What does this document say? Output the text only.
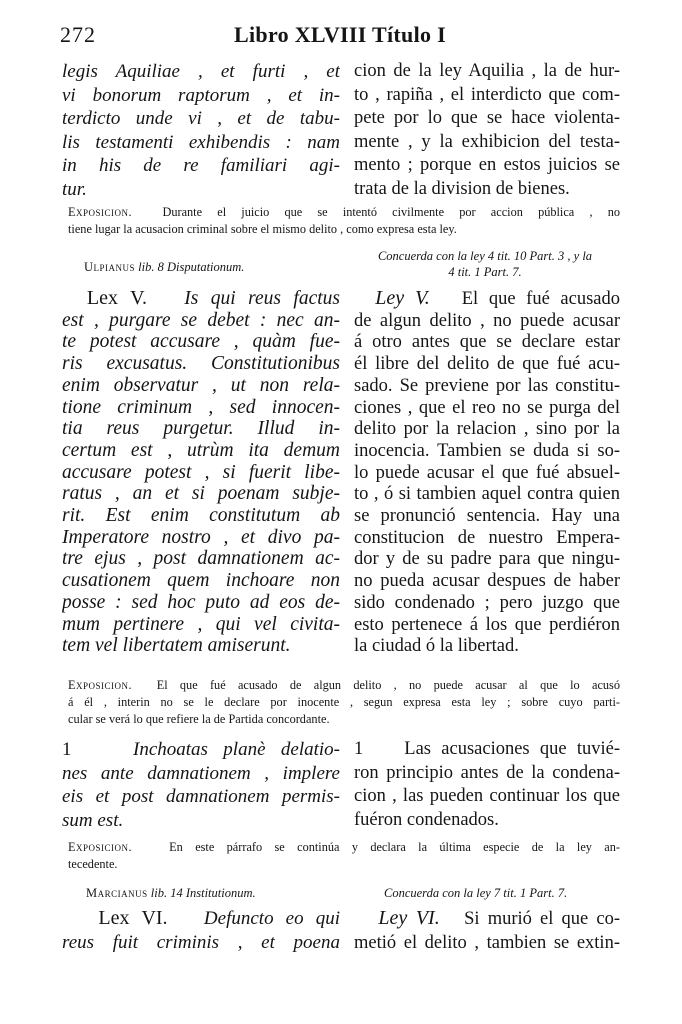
272	Libro XLVIII Título I
legis Aquiliae , et furti , et
vi bonorum raptorum , et in-
terdicto unde vi , et de tabu-
lis testamenti exhibendis : nam
in his de re familiari agi-
tur.
cion de la ley Aquilia , la de hur-
to , rapiña , el interdicto que com-
pete por lo que se hace violenta-
mente , y la exhibicion del testa-
mento ; porque en estos juicios se
trata de la division de bienes.
Exposicion. Durante el juicio que se intentó civilmente por accion pública , no
tiene lugar la acusacion criminal sobre el mismo delito , como expresa esta ley.
Ulpianus lib. 8 Disputationum.
Concuerda con la ley 4 tit. 10 Part. 3 , y la
4 tit. 1 Part. 7.
Lex V. Is qui reus factus
est , purgare se debet : nec an-
te potest accusare , quàm fue-
ris excusatus. Constitutionibus
enim observatur , ut non rela-
tione criminum , sed innocen-
tia reus purgetur. Illud in-
certum est , utrùm ita demum
accusare potest , si fuerit libe-
ratus , an et si poenam subje-
rit. Est enim constitutum ab
Imperatore nostro , et divo pa-
tre ejus , post damnationem ac-
cusationem quem inchoare non
posse : sed hoc puto ad eos de-
mum pertinere , qui vel civita-
tem vel libertatem amiserunt.
Ley V. El que fué acusado
de algun delito , no puede acusar
á otro antes que se declare estar
él libre del delito de que fué acu-
sado. Se previene por las constitu-
ciones , que el reo no se purga del
delito por la relacion , sino por la
inocencia. Tambien se duda si so-
lo puede acusar el que fué absuel-
to , ó si tambien aquel contra quien
se pronunció sentencia. Hay una
constitucion de nuestro Empera-
dor y de su padre para que ningu-
no pueda acusar despues de haber
sido condenado ; pero juzgo que
esto pertenece á los que perdiéron
la ciudad ó la libertad.
Exposicion. El que fué acusado de algun delito , no puede acusar al que lo acusó
á él , interin no se le declare por inocente , segun expresa esta ley ; sobre cuyo parti-
cular se verá lo que refiere la de Partida concordante.
1	Inchoatas planè delatio-
nes ante damnationem , implere
eis et post damnationem permis-
sum est.
1 Las acusaciones que tuvié-
ron principio antes de la condena-
cion , las pueden continuar los que
fuéron condenados.
Exposicion.	En este párrafo se continúa y declara la última especie de la ley an-
tecedente.
Marcianus lib. 14 Institutionum.	Concuerda con la ley 7 tit. 1 Part. 7.
Lex VI. Defuncto eo qui
reus fuit criminis , et poena
Ley VI. Si murió el que co-
metió el delito , tambien se extin-
